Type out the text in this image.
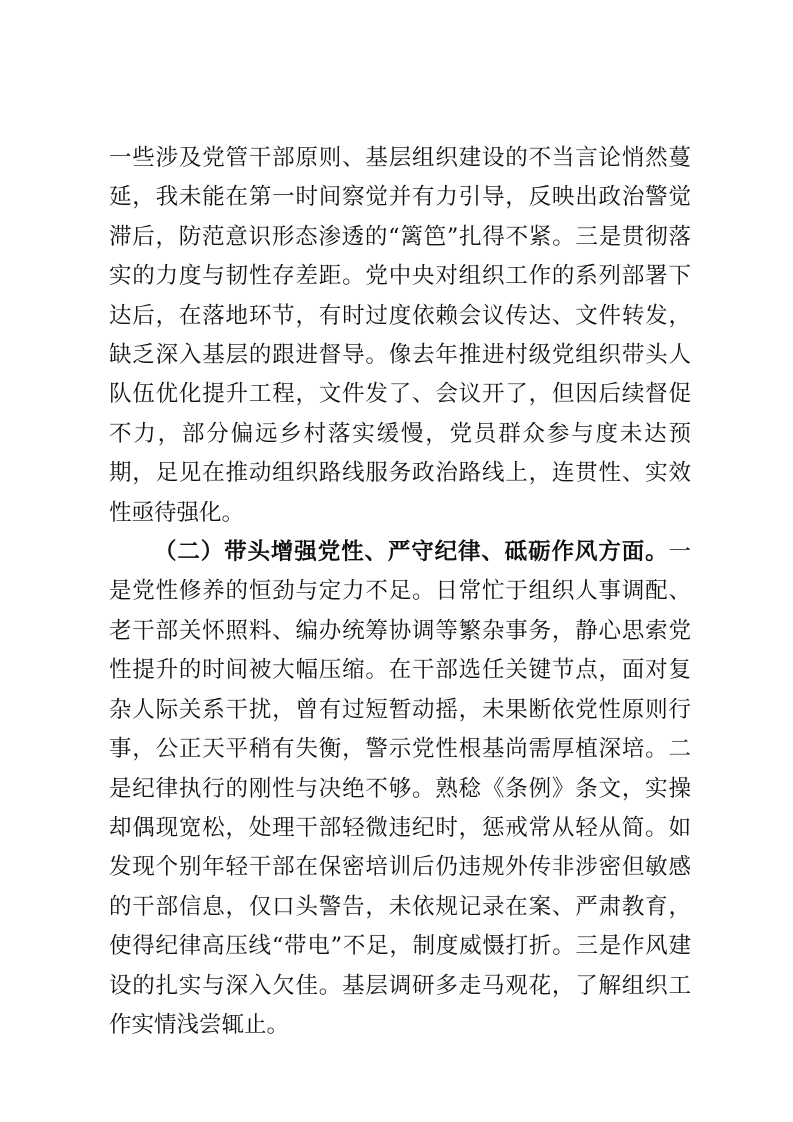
一些涉及党管干部原则、基层组织建设的不当言论悄然蔓延，我未能在第一时间察觉并有力引导，反映出政治警觉滞后，防范意识形态渗透的“篱笆”扎得不紧。三是贯彻落实的力度与韧性存差距。党中央对组织工作的系列部署下达后，在落地环节，有时过度依赖会议传达、文件转发，缺乏深入基层的跟进督导。像去年推进村级党组织带头人队伍优化提升工程，文件发了、会议开了，但因后续督促不力，部分偏远乡村落实缓慢，党员群众参与度未达预期，足见在推动组织路线服务政治路线上，连贯性、实效性亟待强化。

（二）带头增强党性、严守纪律、砥砺作风方面。一是党性修养的恒劲与定力不足。日常忙于组织人事调配、老干部关怀照料、编办统筹协调等繁杂事务，静心思索党性提升的时间被大幅压缩。在干部选任关键节点，面对复杂人际关系干扰，曾有过短暂动摇，未果断依党性原则行事，公正天平稍有失衡，警示党性根基尚需厚植深培。二是纪律执行的刚性与决绝不够。熟稔《条例》条文，实操却偶现宽松，处理干部轻微违纪时，惩戒常从轻从简。如发现个别年轻干部在保密培训后仍违规外传非涉密但敏感的干部信息，仅口头警告，未依规记录在案、严肃教育，使得纪律高压线“带电”不足，制度威慑打折。三是作风建设的扎实与深入欠佳。基层调研多走马观花，了解组织工作实情浅尝辄止。
